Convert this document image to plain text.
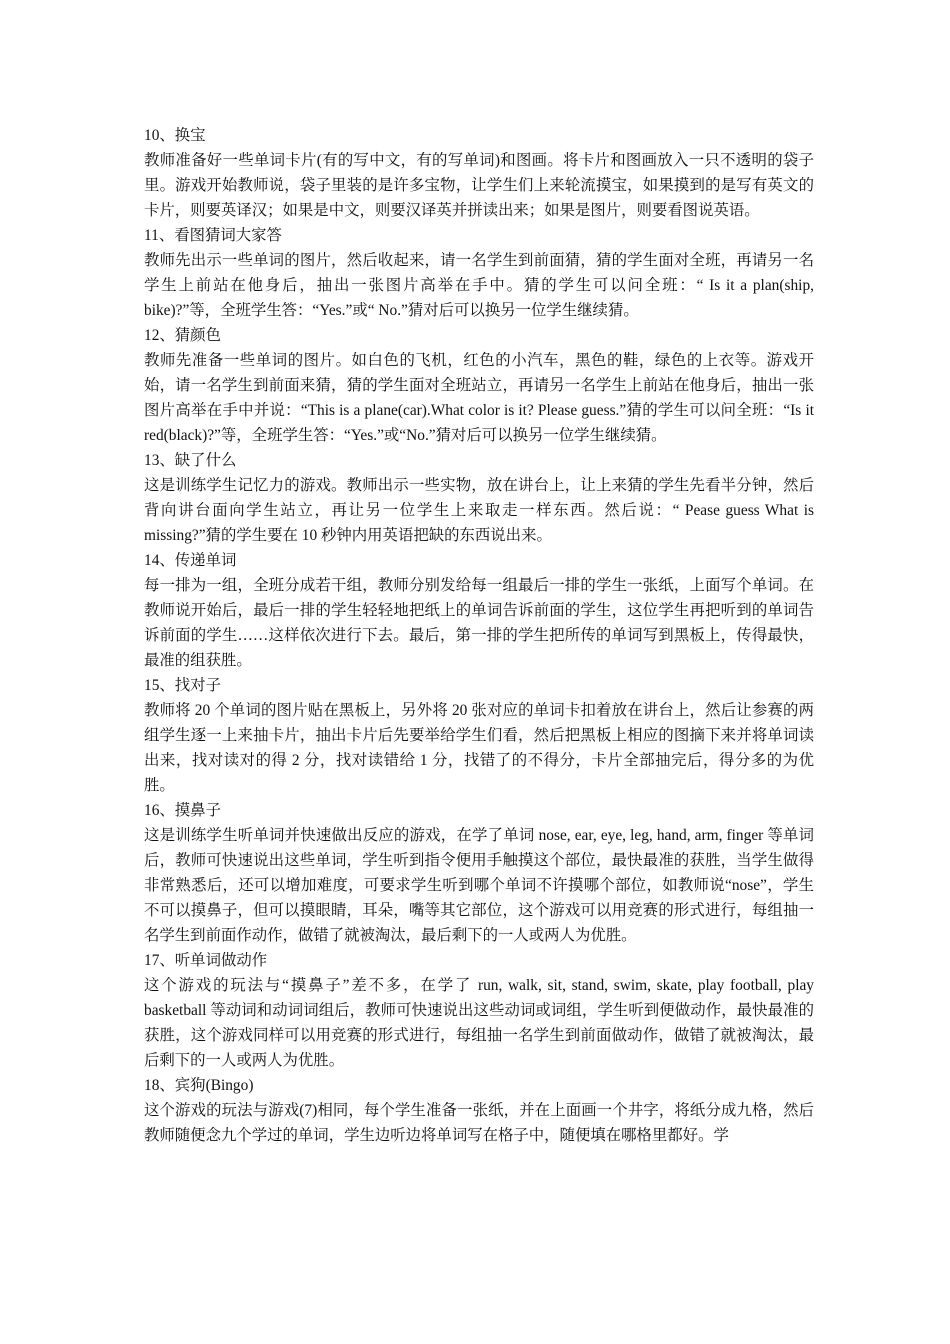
10、换宝

教师准备好一些单词卡片(有的写中文，有的写单词)和图画。将卡片和图画放入一只不透明的袋子里。游戏开始教师说，袋子里装的是许多宝物，让学生们上来轮流摸宝，如果摸到的是写有英文的卡片，则要英译汉；如果是中文，则要汉译英并拼读出来；如果是图片，则要看图说英语。

11、看图猜词大家答

教师先出示一些单词的图片，然后收起来，请一名学生到前面猜，猜的学生面对全班，再请另一名学生上前站在他身后，抽出一张图片高举在手中。猜的学生可以问全班：“ Is it a plan(ship, bike)?”等，全班学生答：“Yes.”或“ No.”猜对后可以换另一位学生继续猜。

12、猜颜色

教师先准备一些单词的图片。如白色的飞机，红色的小汽车，黑色的鞋，绿色的上衣等。游戏开始，请一名学生到前面来猜，猜的学生面对全班站立，再请另一名学生上前站在他身后，抽出一张图片高举在手中并说：“This is a plane(car).What color is it? Please guess.”猜的学生可以问全班：“Is it red(black)?”等，全班学生答：“Yes.”或“No.”猜对后可以换另一位学生继续猜。

13、缺了什么

这是训练学生记忆力的游戏。教师出示一些实物，放在讲台上，让上来猜的学生先看半分钟，然后背向讲台面向学生站立，再让另一位学生上来取走一样东西。然后说：“ Pease guess What is missing?”猜的学生要在 10 秒钟内用英语把缺的东西说出来。

14、传递单词

每一排为一组，全班分成若干组，教师分别发给每一组最后一排的学生一张纸，上面写个单词。在教师说开始后，最后一排的学生轻轻地把纸上的单词告诉前面的学生，这位学生再把听到的单词告诉前面的学生……这样依次进行下去。最后，第一排的学生把所传的单词写到黑板上，传得最快，最准的组获胜。

15、找对子

教师将 20 个单词的图片贴在黑板上，另外将 20 张对应的单词卡扣着放在讲台上，然后让参赛的两组学生逐一上来抽卡片，抽出卡片后先要举给学生们看，然后把黑板上相应的图摘下来并将单词读出来，找对读对的得 2 分，找对读错给 1 分，找错了的不得分，卡片全部抽完后，得分多的为优胜。

16、摸鼻子

这是训练学生听单词并快速做出反应的游戏，在学了单词 nose, ear, eye, leg, hand, arm, finger 等单词后，教师可快速说出这些单词，学生听到指令便用手触摸这个部位，最快最准的获胜，当学生做得非常熟悉后，还可以增加难度，可要求学生听到哪个单词不许摸哪个部位，如教师说“nose”，学生不可以摸鼻子，但可以摸眼睛，耳朵，嘴等其它部位，这个游戏可以用竞赛的形式进行，每组抽一名学生到前面作动作，做错了就被淘汰，最后剩下的一人或两人为优胜。

17、听单词做动作

这个游戏的玩法与“摸鼻子”差不多，在学了 run, walk, sit, stand, swim, skate, play football, play basketball 等动词和动词词组后，教师可快速说出这些动词或词组，学生听到便做动作，最快最准的获胜，这个游戏同样可以用竞赛的形式进行，每组抽一名学生到前面做动作，做错了就被淘汰，最后剩下的一人或两人为优胜。

18、宾狗(Bingo)

这个游戏的玩法与游戏(7)相同，每个学生准备一张纸，并在上面画一个井字，将纸分成九格，然后教师随便念九个学过的单词，学生边听边将单词写在格子中，随便填在哪格里都好。学
